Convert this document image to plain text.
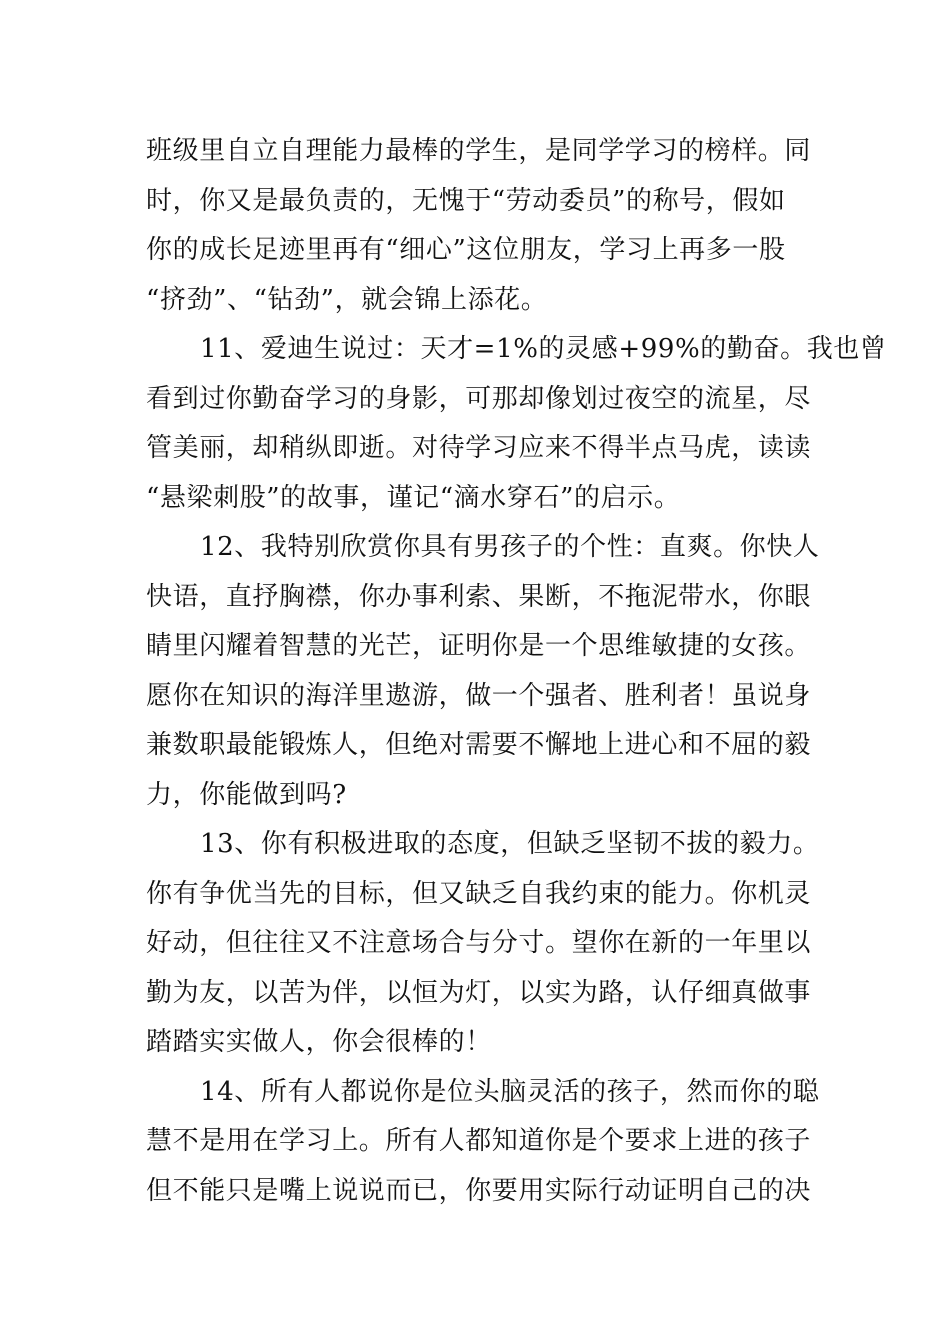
班级里自立自理能力最棒的学生，是同学学习的榜样。同
时，你又是最负责的，无愧于“劳动委员”的称号，假如
你的成长足迹里再有“细心”这位朋友，学习上再多一股
“挤劲”、“钻劲”，就会锦上添花。
11、爱迪生说过：天才=1%的灵感+99%的勤奋。我也曾
看到过你勤奋学习的身影，可那却像划过夜空的流星，尽
管美丽，却稍纵即逝。对待学习应来不得半点马虎，读读
“悬梁刺股”的故事，谨记“滴水穿石”的启示。
12、我特别欣赏你具有男孩子的个性：直爽。你快人
快语，直抒胸襟，你办事利索、果断，不拖泥带水，你眼
睛里闪耀着智慧的光芒，证明你是一个思维敏捷的女孩。
愿你在知识的海洋里遨游，做一个强者、胜利者！虽说身
兼数职最能锻炼人，但绝对需要不懈地上进心和不屈的毅
力，你能做到吗?
13、你有积极进取的态度，但缺乏坚韧不拔的毅力。
你有争优当先的目标，但又缺乏自我约束的能力。你机灵
好动，但往往又不注意场合与分寸。望你在新的一年里以
勤为友，以苦为伴，以恒为灯，以实为路，认仔细真做事
踏踏实实做人，你会很棒的！
14、所有人都说你是位头脑灵活的孩子，然而你的聪
慧不是用在学习上。所有人都知道你是个要求上进的孩子
但不能只是嘴上说说而已，你要用实际行动证明自己的决
